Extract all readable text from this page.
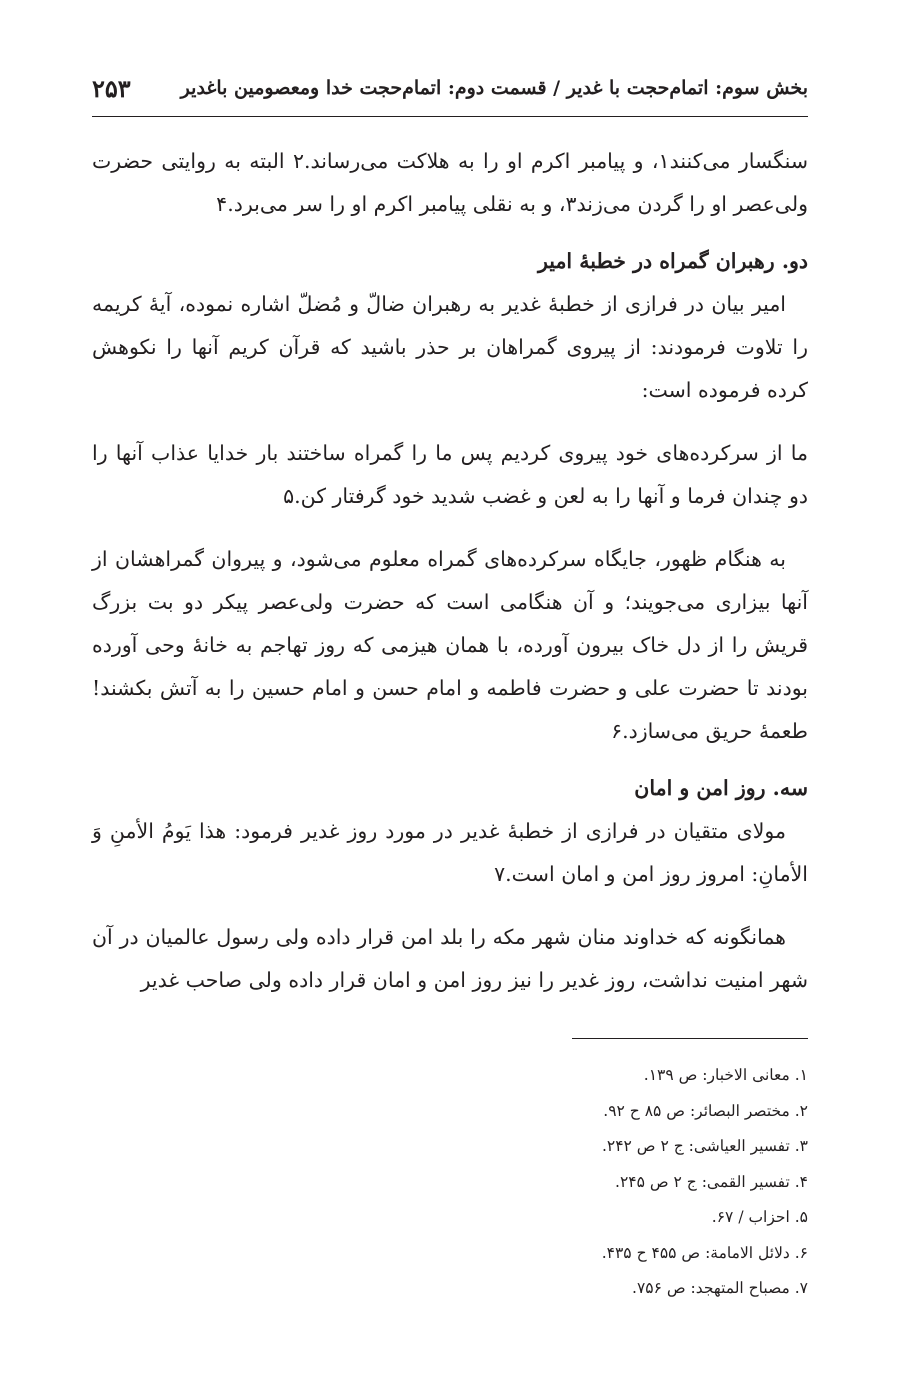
بخش سوم: اتمام‌حجت با غدیر / قسمت دوم: اتمام‌حجت خدا ومعصومین باغدیر
۲۵۳

سنگسار می‌کنند۱، و پیامبر اکرم او را به هلاکت می‌رساند.۲ البته به روایتی حضرت ولی‌عصر او را گردن می‌زند۳، و به نقلی پیامبر اکرم او را سر می‌برد.۴

دو. رهبران گمراه در خطبهٔ امیر

امیر بیان در فرازی از خطبهٔ غدیر به رهبران ضالّ و مُضلّ اشاره نموده، آیهٔ کریمه را تلاوت فرمودند: از پیروی گمراهان بر حذر باشید که قرآن کریم آنها را نکوهش کرده فرموده است:

ما از سرکرده‌های خود پیروی کردیم پس ما را گمراه ساختند بار خدایا عذاب آنها را دو چندان فرما و آنها را به لعن و غضب شدید خود گرفتار کن.۵

به هنگام ظهور، جایگاه سرکرده‌های گمراه معلوم می‌شود، و پیروان گمراهشان از آنها بیزاری می‌جویند؛ و آن هنگامی است که حضرت ولی‌عصر پیکر دو بت بزرگ قریش را از دل خاک بیرون آورده، با همان هیزمی که روز تهاجم به خانهٔ وحی آورده بودند تا حضرت علی و حضرت فاطمه و امام حسن و امام حسین را به آتش بکشند! طعمهٔ حریق می‌سازد.۶

سه. روز امن و امان

مولای متقیان در فرازی از خطبهٔ غدیر در مورد روز غدیر فرمود: هذا یَومُ الأمنِ وَ الأمانِ: امروز روز امن و امان است.۷

همانگونه که خداوند منان شهر مکه را بلد امن قرار داده ولی رسول عالمیان در آن شهر امنیت نداشت، روز غدیر را نیز روز امن و امان قرار داده ولی صاحب غدیر

۱. معانی الاخبار: ص ۱۳۹.
۲. مختصر البصائر: ص ۸۵ ح ۹۲.
۳. تفسیر العیاشی: ج ۲ ص ۲۴۲.
۴. تفسیر القمی: ج ۲ ص ۲۴۵.
۵. احزاب / ۶۷.
۶. دلائل الامامة: ص ۴۵۵ ح ۴۳۵.
۷. مصباح المتهجد: ص ۷۵۶.
